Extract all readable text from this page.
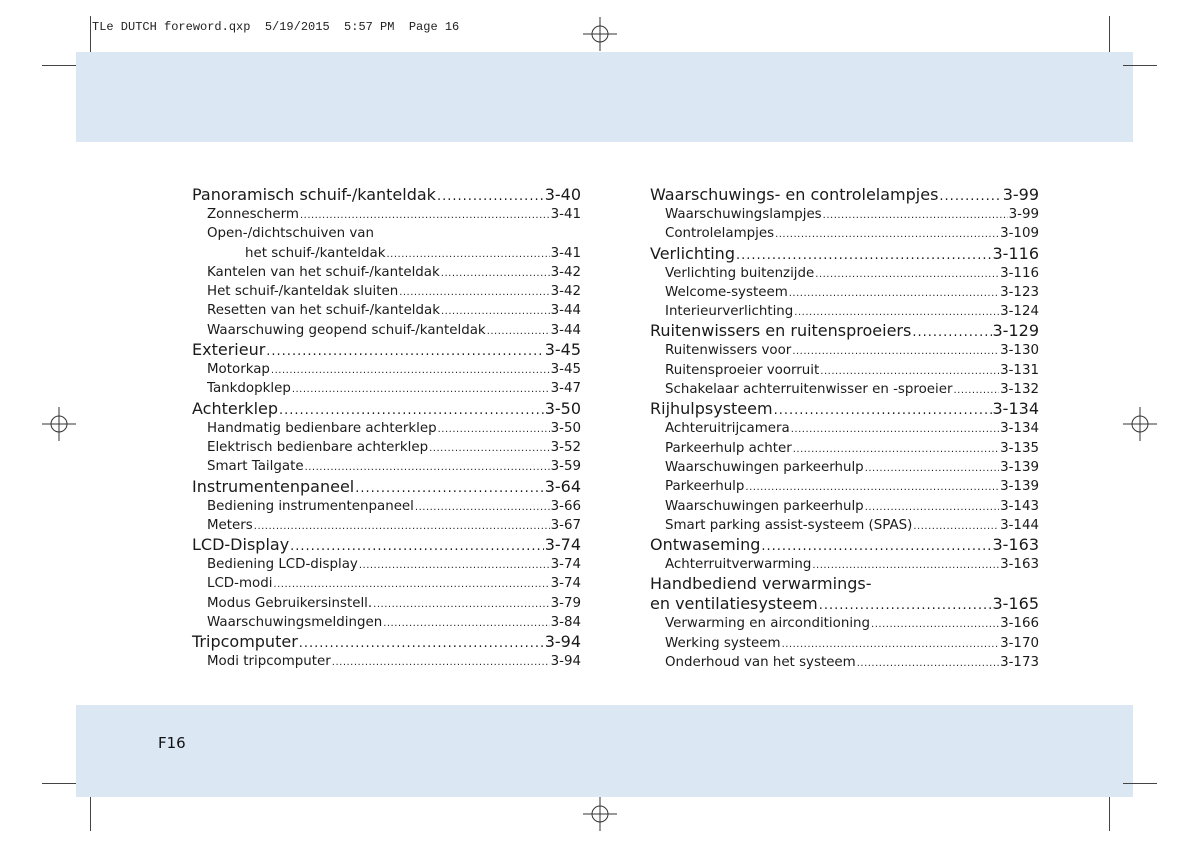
TLe DUTCH foreword.qxp  5/19/2015  5:57 PM  Page 16
F16
Panoramisch schuif-/kanteldak .....	3-40
Zonnescherm .....	3-41
Open-/dichtschuiven van
het schuif-/kanteldak .....	3-41
Kantelen van het schuif-/kanteldak .....	3-42
Het schuif-/kanteldak sluiten .....	3-42
Resetten van het schuif-/kanteldak .....	3-44
Waarschuwing geopend schuif-/kanteldak .....	3-44
Exterieur .....	3-45
Motorkap .....	3-45
Tankdopklep .....	3-47
Achterklep .....	3-50
Handmatig bedienbare achterklep .....	3-50
Elektrisch bedienbare achterklep .....	3-52
Smart Tailgate .....	3-59
Instrumentenpaneel .....	3-64
Bediening instrumentenpaneel .....	3-66
Meters .....	3-67
LCD-Display .....	3-74
Bediening LCD-display .....	3-74
LCD-modi .....	3-74
Modus Gebruikersinstell. .....	3-79
Waarschuwingsmeldingen .....	3-84
Tripcomputer .....	3-94
Modi tripcomputer .....	3-94
Waarschuwings- en controlelampjes .....	3-99
Waarschuwingslampjes .....	3-99
Controlelampjes .....	3-109
Verlichting .....	3-116
Verlichting buitenzijde .....	3-116
Welcome-systeem .....	3-123
Interieurverlichting .....	3-124
Ruitenwissers en ruitensproeiers .....	3-129
Ruitenwissers voor .....	3-130
Ruitensproeier voorruit .....	3-131
Schakelaar achterruitenwisser en -sproeier .....	3-132
Rijhulpsysteem .....	3-134
Achteruitrijcamera .....	3-134
Parkeerhulp achter .....	3-135
Waarschuwingen parkeerhulp .....	3-139
Parkeerhulp .....	3-139
Waarschuwingen parkeerhulp .....	3-143
Smart parking assist-systeem (SPAS) .....	3-144
Ontwaseming .....	3-163
Achterruitverwarming .....	3-163
Handbediend verwarmings-
en ventilatiesysteem .....	3-165
Verwarming en airconditioning .....	3-166
Werking systeem .....	3-170
Onderhoud van het systeem .....	3-173
